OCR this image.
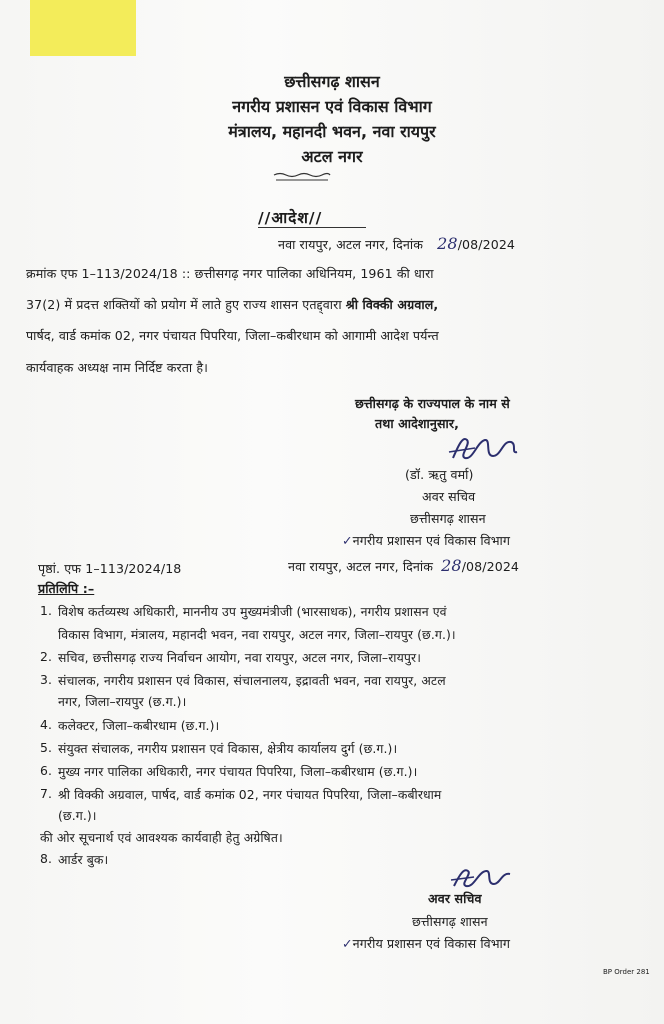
छत्तीसगढ़ शासन
नगरीय प्रशासन एवं विकास विभाग
मंत्रालय, महानदी भवन, नवा रायपुर
अटल नगर
//आदेश//
नवा रायपुर, अटल नगर, दिनांक 28/08/2024
क्रमांक एफ 1–113/2024/18 :: छत्तीसगढ़ नगर पालिका अधिनियम, 1961 की धारा
37(2) में प्रदत्त शक्तियों को प्रयोग में लाते हुए राज्य शासन एतद्द्वारा श्री विक्की अग्रवाल,
पार्षद, वार्ड कमांक 02, नगर पंचायत पिपरिया, जिला–कबीरधाम को आगामी आदेश पर्यन्त
कार्यवाहक अध्यक्ष नाम निर्दिष्ट करता है।
छत्तीसगढ़ के राज्यपाल के नाम से
तथा आदेशानुसार,
(डॉ. ऋतु वर्मा)
अवर सचिव
छत्तीसगढ़ शासन
✓नगरीय प्रशासन एवं विकास विभाग
पृष्ठां. एफ 1–113/2024/18	नवा रायपुर, अटल नगर, दिनांक 28/08/2024
प्रतिलिपि :–
1. विशेष कर्तव्यस्थ अधिकारी, माननीय उप मुख्यमंत्रीजी (भारसाधक), नगरीय प्रशासन एवं
विकास विभाग, मंत्रालय, महानदी भवन, नवा रायपुर, अटल नगर, जिला–रायपुर (छ.ग.)।
2. सचिव, छत्तीसगढ़ राज्य निर्वाचन आयोग, नवा रायपुर, अटल नगर, जिला–रायपुर।
3. संचालक, नगरीय प्रशासन एवं विकास, संचालनालय, इद्रावती भवन, नवा रायपुर, अटल
नगर, जिला–रायपुर (छ.ग.)।
4. कलेक्टर, जिला–कबीरधाम (छ.ग.)।
5. संयुक्त संचालक, नगरीय प्रशासन एवं विकास, क्षेत्रीय कार्यालय दुर्ग (छ.ग.)।
6. मुख्य नगर पालिका अधिकारी, नगर पंचायत पिपरिया, जिला–कबीरधाम (छ.ग.)।
7. श्री विक्की अग्रवाल, पार्षद, वार्ड कमांक 02, नगर पंचायत पिपरिया, जिला–कबीरधाम
(छ.ग.)।
की ओर सूचनार्थ एवं आवश्यक कार्यवाही हेतु अग्रेषित।
8. आर्डर बुक।
अवर सचिव
छत्तीसगढ़ शासन
✓नगरीय प्रशासन एवं विकास विभाग
BP Order 281
